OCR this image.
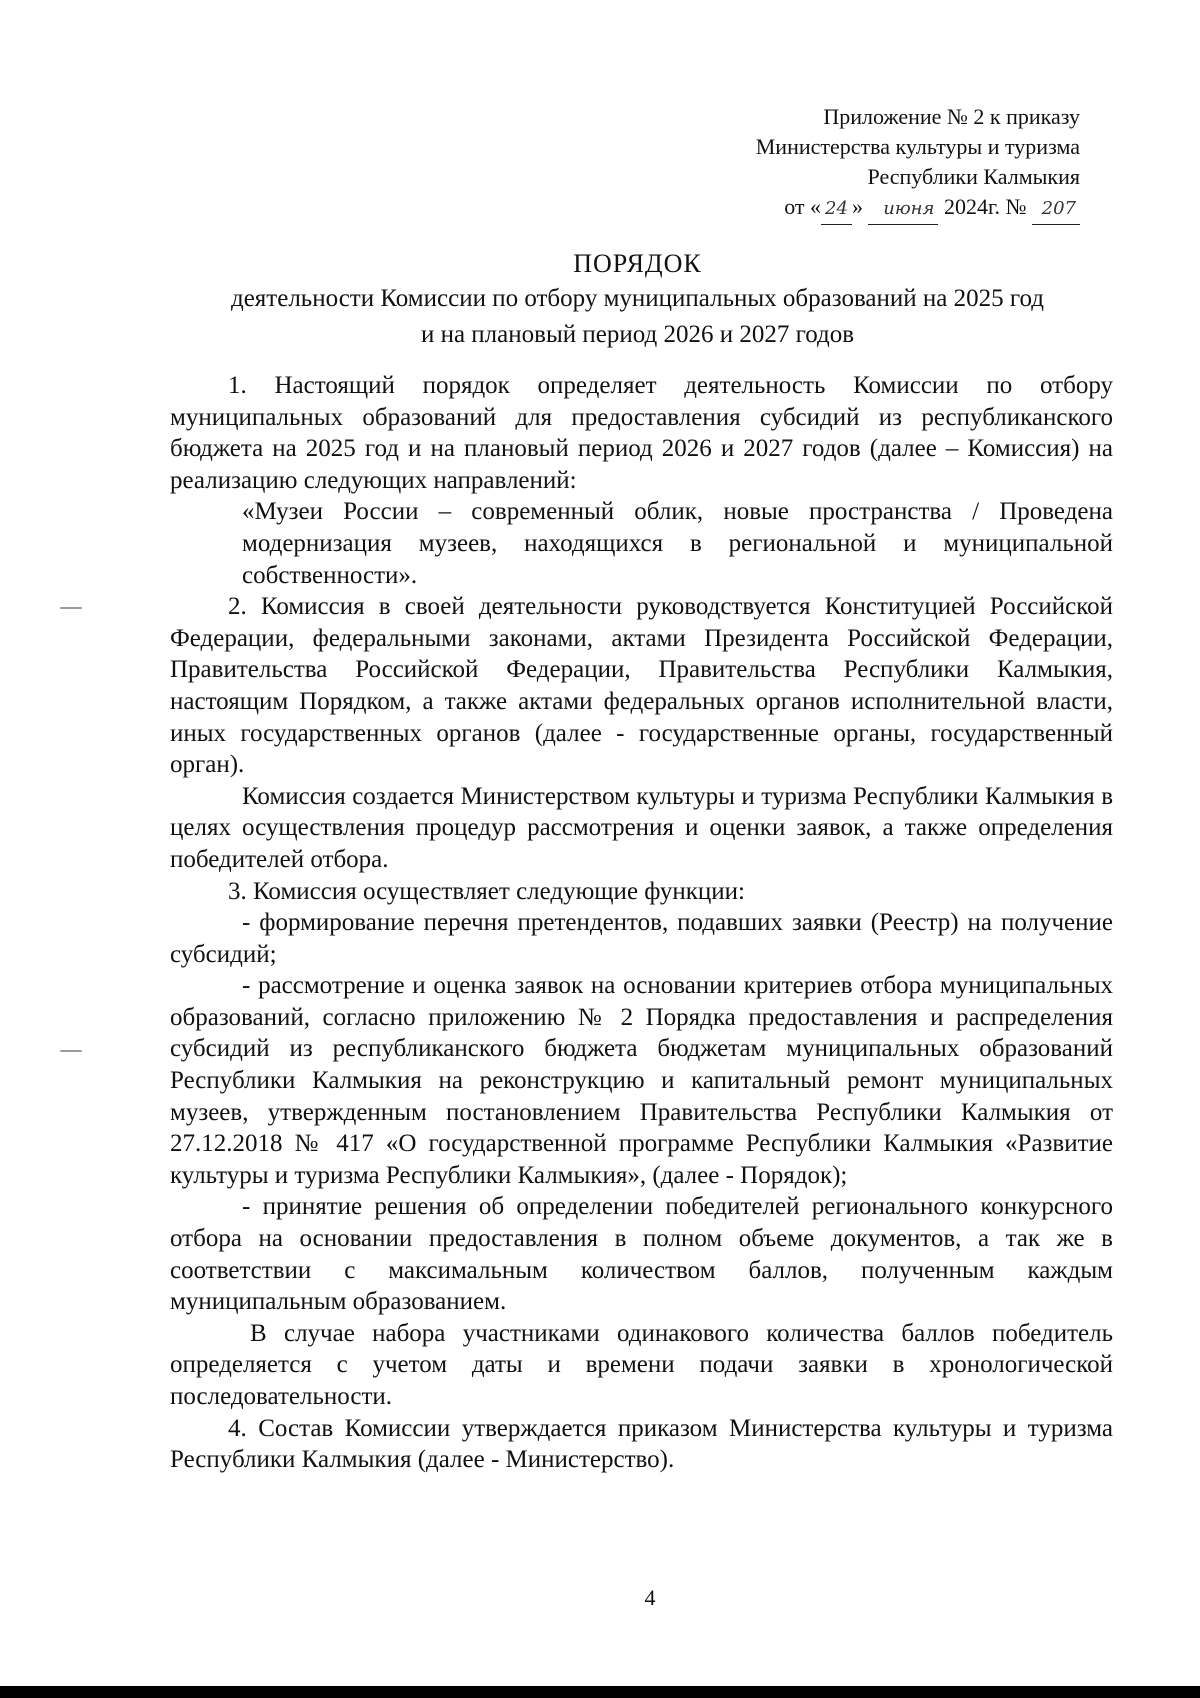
Приложение № 2 к приказу
Министерства культуры и туризма
Республики Калмыкия
от « 24 » июня 2024г. № 207
ПОРЯДОК
деятельности Комиссии по отбору муниципальных образований на 2025 год
и на плановый период 2026 и 2027 годов

1. Настоящий порядок определяет деятельность Комиссии по отбору муниципальных образований для предоставления субсидий из республиканского бюджета на 2025 год и на плановый период 2026 и 2027 годов (далее – Комиссия) на реализацию следующих направлений:

«Музеи России – современный облик, новые пространства / Проведена модернизация музеев, находящихся в региональной и муниципальной собственности».

2. Комиссия в своей деятельности руководствуется Конституцией Российской Федерации, федеральными законами, актами Президента Российской Федерации, Правительства Российской Федерации, Правительства Республики Калмыкия, настоящим Порядком, а также актами федеральных органов исполнительной власти, иных государственных органов (далее - государственные органы, государственный орган).

Комиссия создается Министерством культуры и туризма Республики Калмыкия в целях осуществления процедур рассмотрения и оценки заявок, а также определения победителей отбора.

3. Комиссия осуществляет следующие функции:

- формирование перечня претендентов, подавших заявки (Реестр) на получение субсидий;

- рассмотрение и оценка заявок на основании критериев отбора муниципальных образований, согласно приложению № 2 Порядка предоставления и распределения субсидий из республиканского бюджета бюджетам муниципальных образований Республики Калмыкия на реконструкцию и капитальный ремонт муниципальных музеев, утвержденным постановлением Правительства Республики Калмыкия от 27.12.2018 № 417 «О государственной программе Республики Калмыкия «Развитие культуры и туризма Республики Калмыкия», (далее - Порядок);

- принятие решения об определении победителей регионального конкурсного отбора на основании предоставления в полном объеме документов, а так же в соответствии с максимальным количеством баллов, полученным каждым муниципальным образованием.

В случае набора участниками одинакового количества баллов победитель определяется с учетом даты и времени подачи заявки в хронологической последовательности.

4. Состав Комиссии утверждается приказом Министерства культуры и туризма Республики Калмыкия (далее - Министерство).

4
